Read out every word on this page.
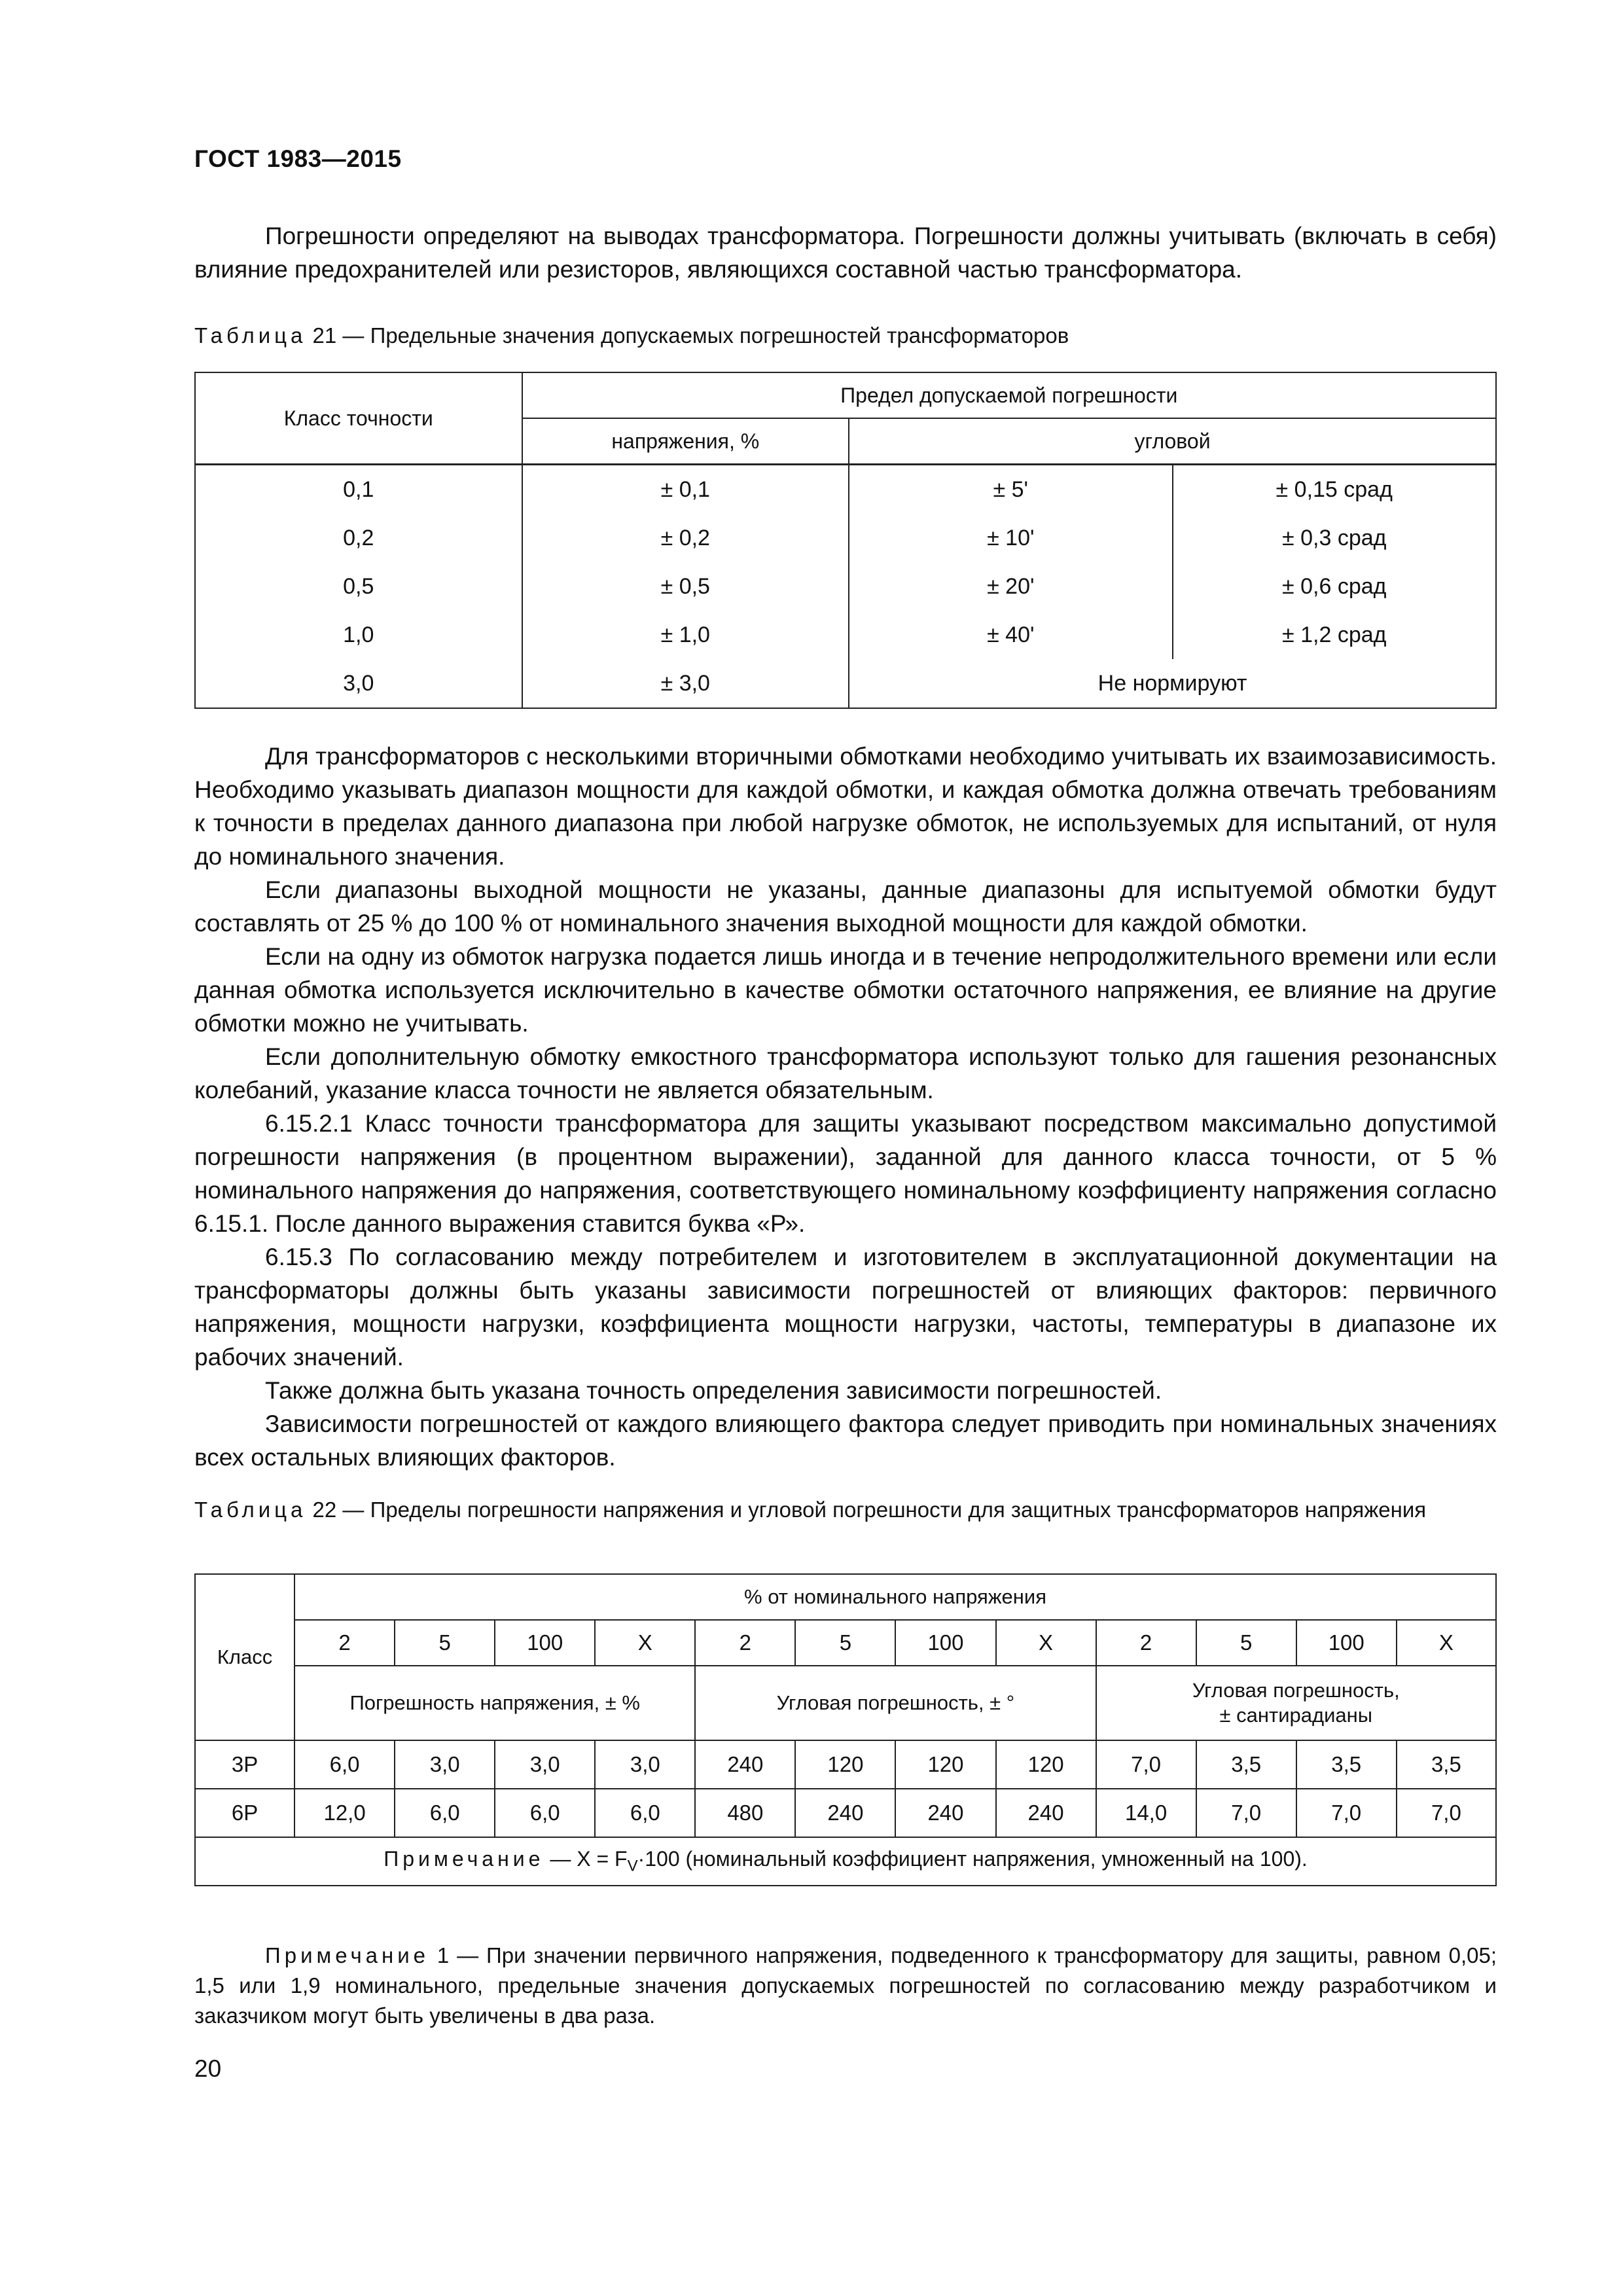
ГОСТ 1983—2015

Погрешности определяют на выводах трансформатора. Погрешности должны учитывать (включать в себя) влияние предохранителей или резисторов, являющихся составной частью трансформатора.

Таблица 21 — Предельные значения допускаемых погрешностей трансформаторов

Класс точности	Предел допускаемой погрешности		
	напряжения, %	угловой	
0,1	± 0,1	± 5'	± 0,15 срад
0,2	± 0,2	± 10'	± 0,3 срад
0,5	± 0,5	± 20'	± 0,6 срад
1,0	± 1,0	± 40'	± 1,2 срад
3,0	± 3,0	Не нормируют	

Для трансформаторов с несколькими вторичными обмотками необходимо учитывать их взаимозависимость. Необходимо указывать диапазон мощности для каждой обмотки, и каждая обмотка должна отвечать требованиям к точности в пределах данного диапазона при любой нагрузке обмоток, не используемых для испытаний, от нуля до номинального значения.

Если диапазоны выходной мощности не указаны, данные диапазоны для испытуемой обмотки будут составлять от 25 % до 100 % от номинального значения выходной мощности для каждой обмотки.

Если на одну из обмоток нагрузка подается лишь иногда и в течение непродолжительного времени или если данная обмотка используется исключительно в качестве обмотки остаточного напряжения, ее влияние на другие обмотки можно не учитывать.

Если дополнительную обмотку емкостного трансформатора используют только для гашения резонансных колебаний, указание класса точности не является обязательным.

6.15.2.1 Класс точности трансформатора для защиты указывают посредством максимально допустимой погрешности напряжения (в процентном выражении), заданной для данного класса точности, от 5 % номинального напряжения до напряжения, соответствующего номинальному коэффициенту напряжения согласно 6.15.1. После данного выражения ставится буква «Р».

6.15.3 По согласованию между потребителем и изготовителем в эксплуатационной документации на трансформаторы должны быть указаны зависимости погрешностей от влияющих факторов: первичного напряжения, мощности нагрузки, коэффициента мощности нагрузки, частоты, температуры в диапазоне их рабочих значений.

Также должна быть указана точность определения зависимости погрешностей.

Зависимости погрешностей от каждого влияющего фактора следует приводить при номинальных значениях всех остальных влияющих факторов.

Таблица 22 — Пределы погрешности напряжения и угловой погрешности для защитных трансформаторов напряжения

Класс	% от номинального напряжения											
	2	5	100	X	2	5	100	X	2	5	100	X
	Погрешность напряжения, ± %				Угловая погрешность, ± °				Угловая погрешность,
± сантирадианы			
3Р	6,0	3,0	3,0	3,0	240	120	120	120	7,0	3,5	3,5	3,5
6Р	12,0	6,0	6,0	6,0	480	240	240	240	14,0	7,0	7,0	7,0
Примечание — $X = F_V\cdot 100$ (номинальный коэффициент напряжения, умноженный на 100).												

Примечание 1 — При значении первичного напряжения, подведенного к трансформатору для защиты, равном 0,05; 1,5 или 1,9 номинального, предельные значения допускаемых погрешностей по согласованию между разработчиком и заказчиком могут быть увеличены в два раза.

20
